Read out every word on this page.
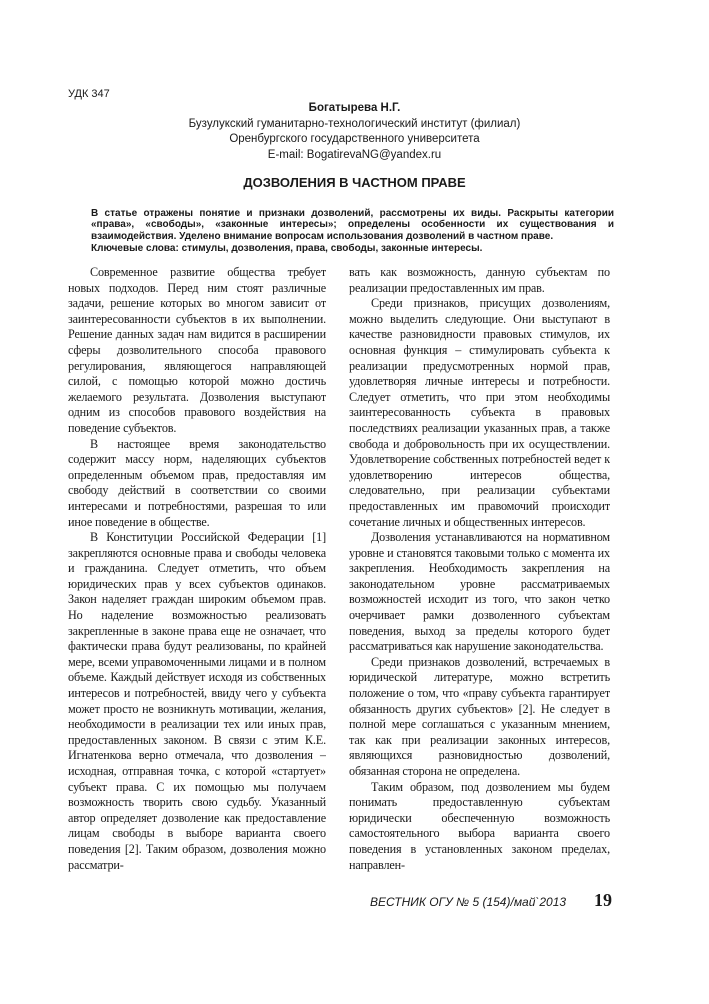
УДК 347
Богатырева Н.Г.
Бузулукский гуманитарно-технологический институт (филиал)
Оренбургского государственного университета
E-mail: BogatirevaNG@yandex.ru
ДОЗВОЛЕНИЯ В ЧАСТНОМ ПРАВЕ
В статье отражены понятие и признаки дозволений, рассмотрены их виды. Раскрыты категории «права», «свободы», «законные интересы»; определены особенности их существования и взаимодействия. Уделено внимание вопросам использования дозволений в частном праве.
Ключевые слова: стимулы, дозволения, права, свободы, законные интересы.

Современное развитие общества требует новых подходов. Перед ним стоят различные задачи, решение которых во многом зависит от заинтересованности субъектов в их выполнении. Решение данных задач нам видится в расширении сферы дозволительного способа правового регулирования, являющегося направляющей силой, с помощью которой можно достичь желаемого результата. Дозволения выступают одним из способов правового воздействия на поведение субъектов.

В настоящее время законодательство содержит массу норм, наделяющих субъектов определенным объемом прав, предоставляя им свободу действий в соответствии со своими интересами и потребностями, разрешая то или иное поведение в обществе.

В Конституции Российской Федерации [1] закрепляются основные права и свободы человека и гражданина. Следует отметить, что объем юридических прав у всех субъектов одинаков. Закон наделяет граждан широким объемом прав. Но наделение возможностью реализовать закрепленные в законе права еще не означает, что фактически права будут реализованы, по крайней мере, всеми управомоченными лицами и в полном объеме. Каждый действует исходя из собственных интересов и потребностей, ввиду чего у субъекта может просто не возникнуть мотивации, желания, необходимости в реализации тех или иных прав, предоставленных законом. В связи с этим К.Е. Игнатенкова верно отмечала, что дозволения – исходная, отправная точка, с которой «стартует» субъект права. С их помощью мы получаем возможность творить свою судьбу. Указанный автор определяет дозволение как предоставление лицам свободы в выборе варианта своего поведения [2]. Таким образом, дозволения можно рассматри-

вать как возможность, данную субъектам по реализации предоставленных им прав.

Среди признаков, присущих дозволениям, можно выделить следующие. Они выступают в качестве разновидности правовых стимулов, их основная функция – стимулировать субъекта к реализации предусмотренных нормой прав, удовлетворяя личные интересы и потребности. Следует отметить, что при этом необходимы заинтересованность субъекта в правовых последствиях реализации указанных прав, а также свобода и добровольность при их осуществлении. Удовлетворение собственных потребностей ведет к удовлетворению интересов общества, следовательно, при реализации субъектами предоставленных им правомочий происходит сочетание личных и общественных интересов.

Дозволения устанавливаются на нормативном уровне и становятся таковыми только с момента их закрепления. Необходимость закрепления на законодательном уровне рассматриваемых возможностей исходит из того, что закон четко очерчивает рамки дозволенного субъектам поведения, выход за пределы которого будет рассматриваться как нарушение законодательства.

Среди признаков дозволений, встречаемых в юридической литературе, можно встретить положение о том, что «праву субъекта гарантирует обязанность других субъектов» [2]. Не следует в полной мере соглашаться с указанным мнением, так как при реализации законных интересов, являющихся разновидностью дозволений, обязанная сторона не определена.

Таким образом, под дозволением мы будем понимать предоставленную субъектам юридически обеспеченную возможность самостоятельного выбора варианта своего поведения в установленных законом пределах, направлен-

ВЕСТНИК ОГУ № 5 (154)/май`2013 19
